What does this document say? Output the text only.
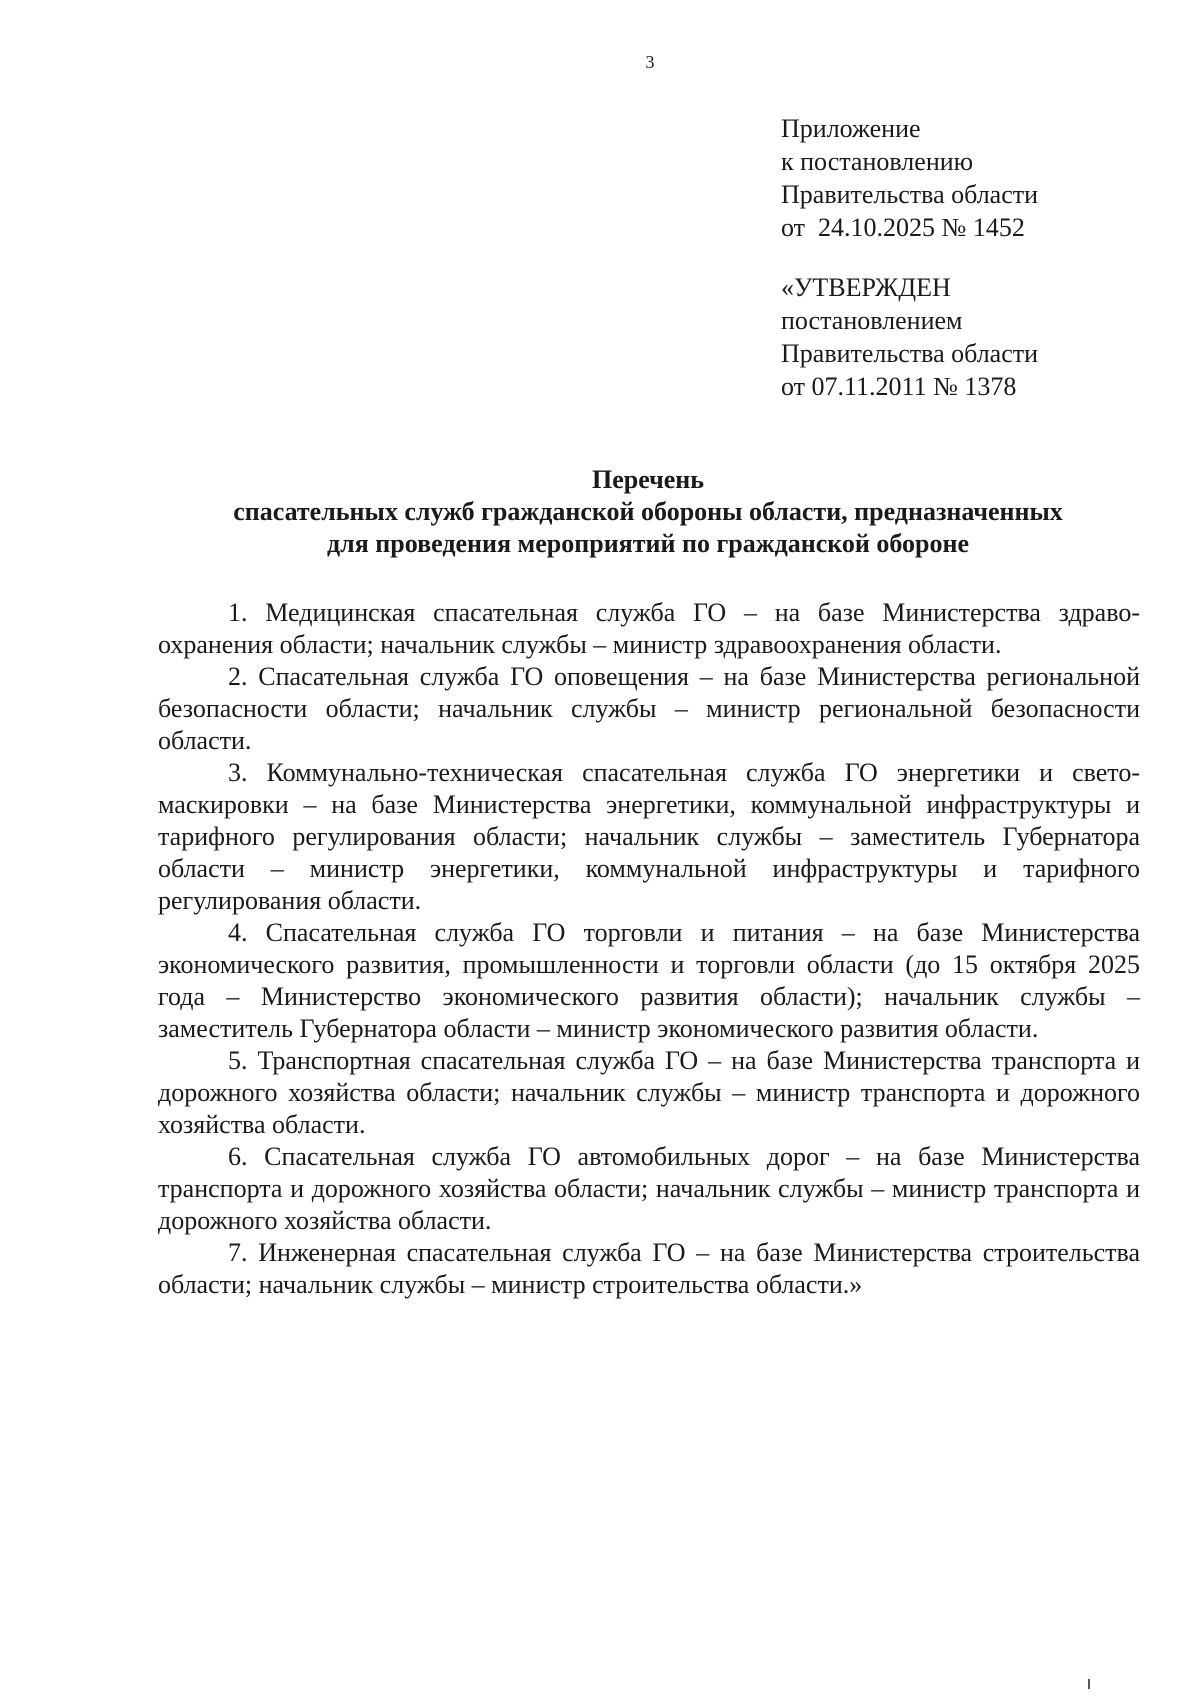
3
Приложение
к постановлению
Правительства области
от  24.10.2025 № 1452
«УТВЕРЖДЕН
постановлением
Правительства области
от 07.11.2011 № 1378
Перечень
спасательных служб гражданской обороны области, предназначенных
для проведения мероприятий по гражданской обороне

1. Медицинская спасательная служба ГО – на базе Министерства здравоохранения области; начальник службы – министр здравоохранения области.

2. Спасательная служба ГО оповещения – на базе Министерства региональной безопасности области; начальник службы – министр региональной безопасности области.

3. Коммунально-техническая спасательная служба ГО энергетики и светомаскировки – на базе Министерства энергетики, коммунальной инфраструктуры и тарифного регулирования области; начальник службы – заместитель Губернатора области – министр энергетики, коммунальной инфраструктуры и тарифного регулирования области.

4. Спасательная служба ГО торговли и питания – на базе Министерства экономического развития, промышленности и торговли области (до 15 октября 2025 года – Министерство экономического развития области); начальник службы – заместитель Губернатора области – министр экономического развития области.

5. Транспортная спасательная служба ГО – на базе Министерства транспорта и дорожного хозяйства области; начальник службы – министр транспорта и дорожного хозяйства области.

6. Спасательная служба ГО автомобильных дорог – на базе Министерства транспорта и дорожного хозяйства области; начальник службы – министр транспорта и дорожного хозяйства области.

7. Инженерная спасательная служба ГО – на базе Министерства строительства области; начальник службы – министр строительства области.»
